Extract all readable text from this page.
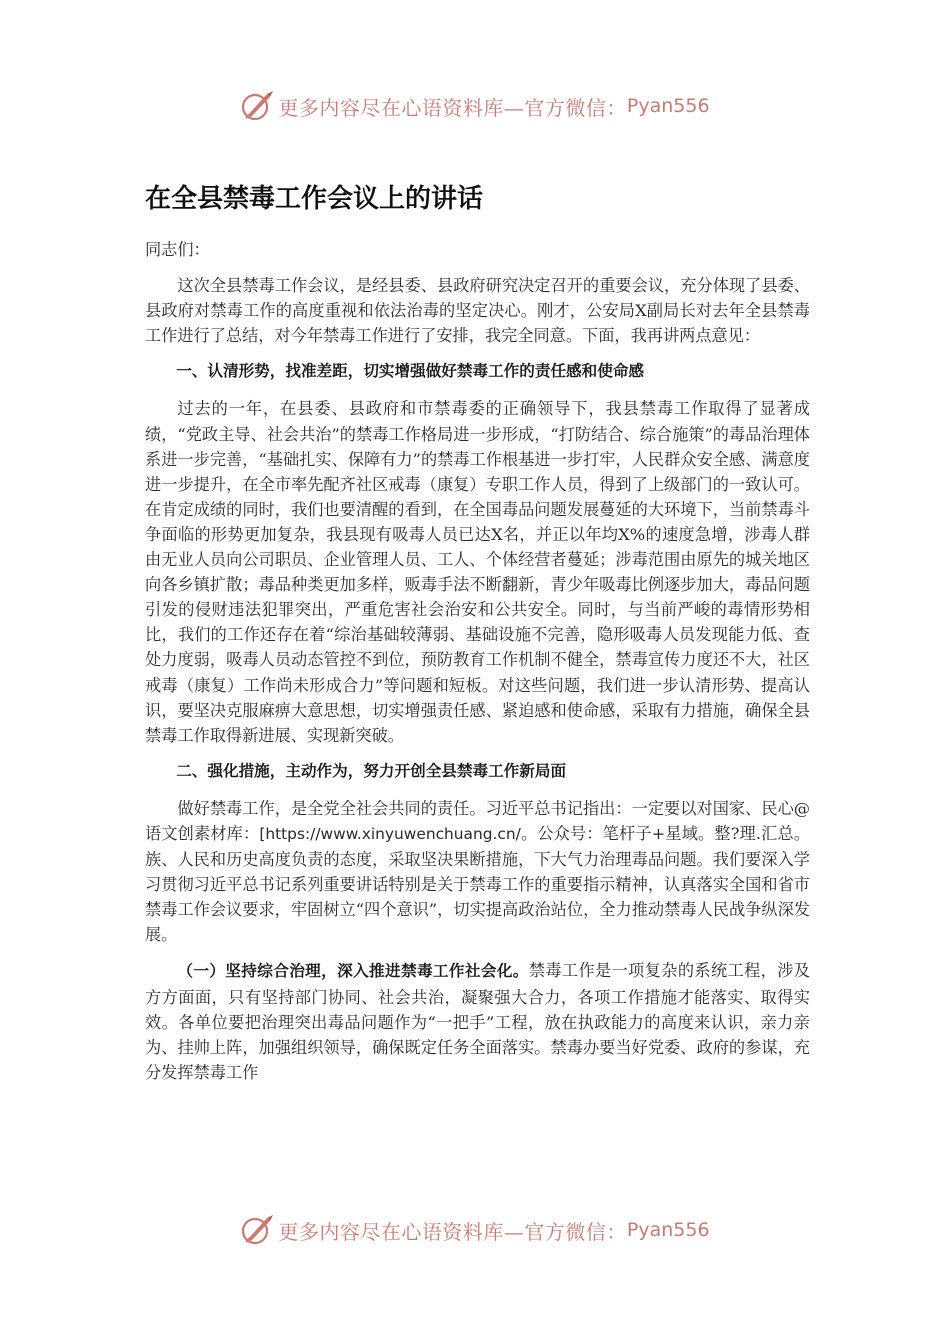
更多内容尽在心语资料库—官方微信： Pyan556
在全县禁毒工作会议上的讲话

同志们：

这次全县禁毒工作会议，是经县委、县政府研究决定召开的重要会议，充分体现了县委、县政府对禁毒工作的高度重视和依法治毒的坚定决心。刚才，公安局X副局长对去年全县禁毒工作进行了总结，对今年禁毒工作进行了安排，我完全同意。下面，我再讲两点意见：

一、认清形势，找准差距，切实增强做好禁毒工作的责任感和使命感

过去的一年，在县委、县政府和市禁毒委的正确领导下，我县禁毒工作取得了显著成绩，“党政主导、社会共治”的禁毒工作格局进一步形成，“打防结合、综合施策”的毒品治理体系进一步完善，“基础扎实、保障有力”的禁毒工作根基进一步打牢，人民群众安全感、满意度进一步提升，在全市率先配齐社区戒毒（康复）专职工作人员，得到了上级部门的一致认可。在肯定成绩的同时，我们也要清醒的看到，在全国毒品问题发展蔓延的大环境下，当前禁毒斗争面临的形势更加复杂，我县现有吸毒人员已达X名，并正以年均X%的速度急增，涉毒人群由无业人员向公司职员、企业管理人员、工人、个体经营者蔓延；涉毒范围由原先的城关地区向各乡镇扩散；毒品种类更加多样，贩毒手法不断翻新，青少年吸毒比例逐步加大，毒品问题引发的侵财违法犯罪突出，严重危害社会治安和公共安全。同时，与当前严峻的毒情形势相比，我们的工作还存在着“综治基础较薄弱、基础设施不完善，隐形吸毒人员发现能力低、查处力度弱，吸毒人员动态管控不到位，预防教育工作机制不健全，禁毒宣传力度还不大，社区戒毒（康复）工作尚未形成合力”等问题和短板。对这些问题，我们进一步认清形势、提高认识，要坚决克服麻痹大意思想，切实增强责任感、紧迫感和使命感，采取有力措施，确保全县禁毒工作取得新进展、实现新突破。

二、强化措施，主动作为，努力开创全县禁毒工作新局面

做好禁毒工作，是全党全社会共同的责任。习近平总书记指出：一定要以对国家、民心@语文创素材库：[https://www.xinyuwenchuang.cn/。公众号：笔杆子+星域。整?理.汇总。族、人民和历史高度负责的态度，采取坚决果断措施，下大气力治理毒品问题。我们要深入学习贯彻习近平总书记系列重要讲话特别是关于禁毒工作的重要指示精神，认真落实全国和省市禁毒工作会议要求，牢固树立“四个意识”，切实提高政治站位，全力推动禁毒人民战争纵深发展。

（一）坚持综合治理，深入推进禁毒工作社会化。禁毒工作是一项复杂的系统工程，涉及方方面面，只有坚持部门协同、社会共治，凝聚强大合力，各项工作措施才能落实、取得实效。各单位要把治理突出毒品问题作为“一把手”工程，放在执政能力的高度来认识，亲力亲为、挂帅上阵，加强组织领导，确保既定任务全面落实。禁毒办要当好党委、政府的参谋，充分发挥禁毒工作

更多内容尽在心语资料库—官方微信： Pyan556
